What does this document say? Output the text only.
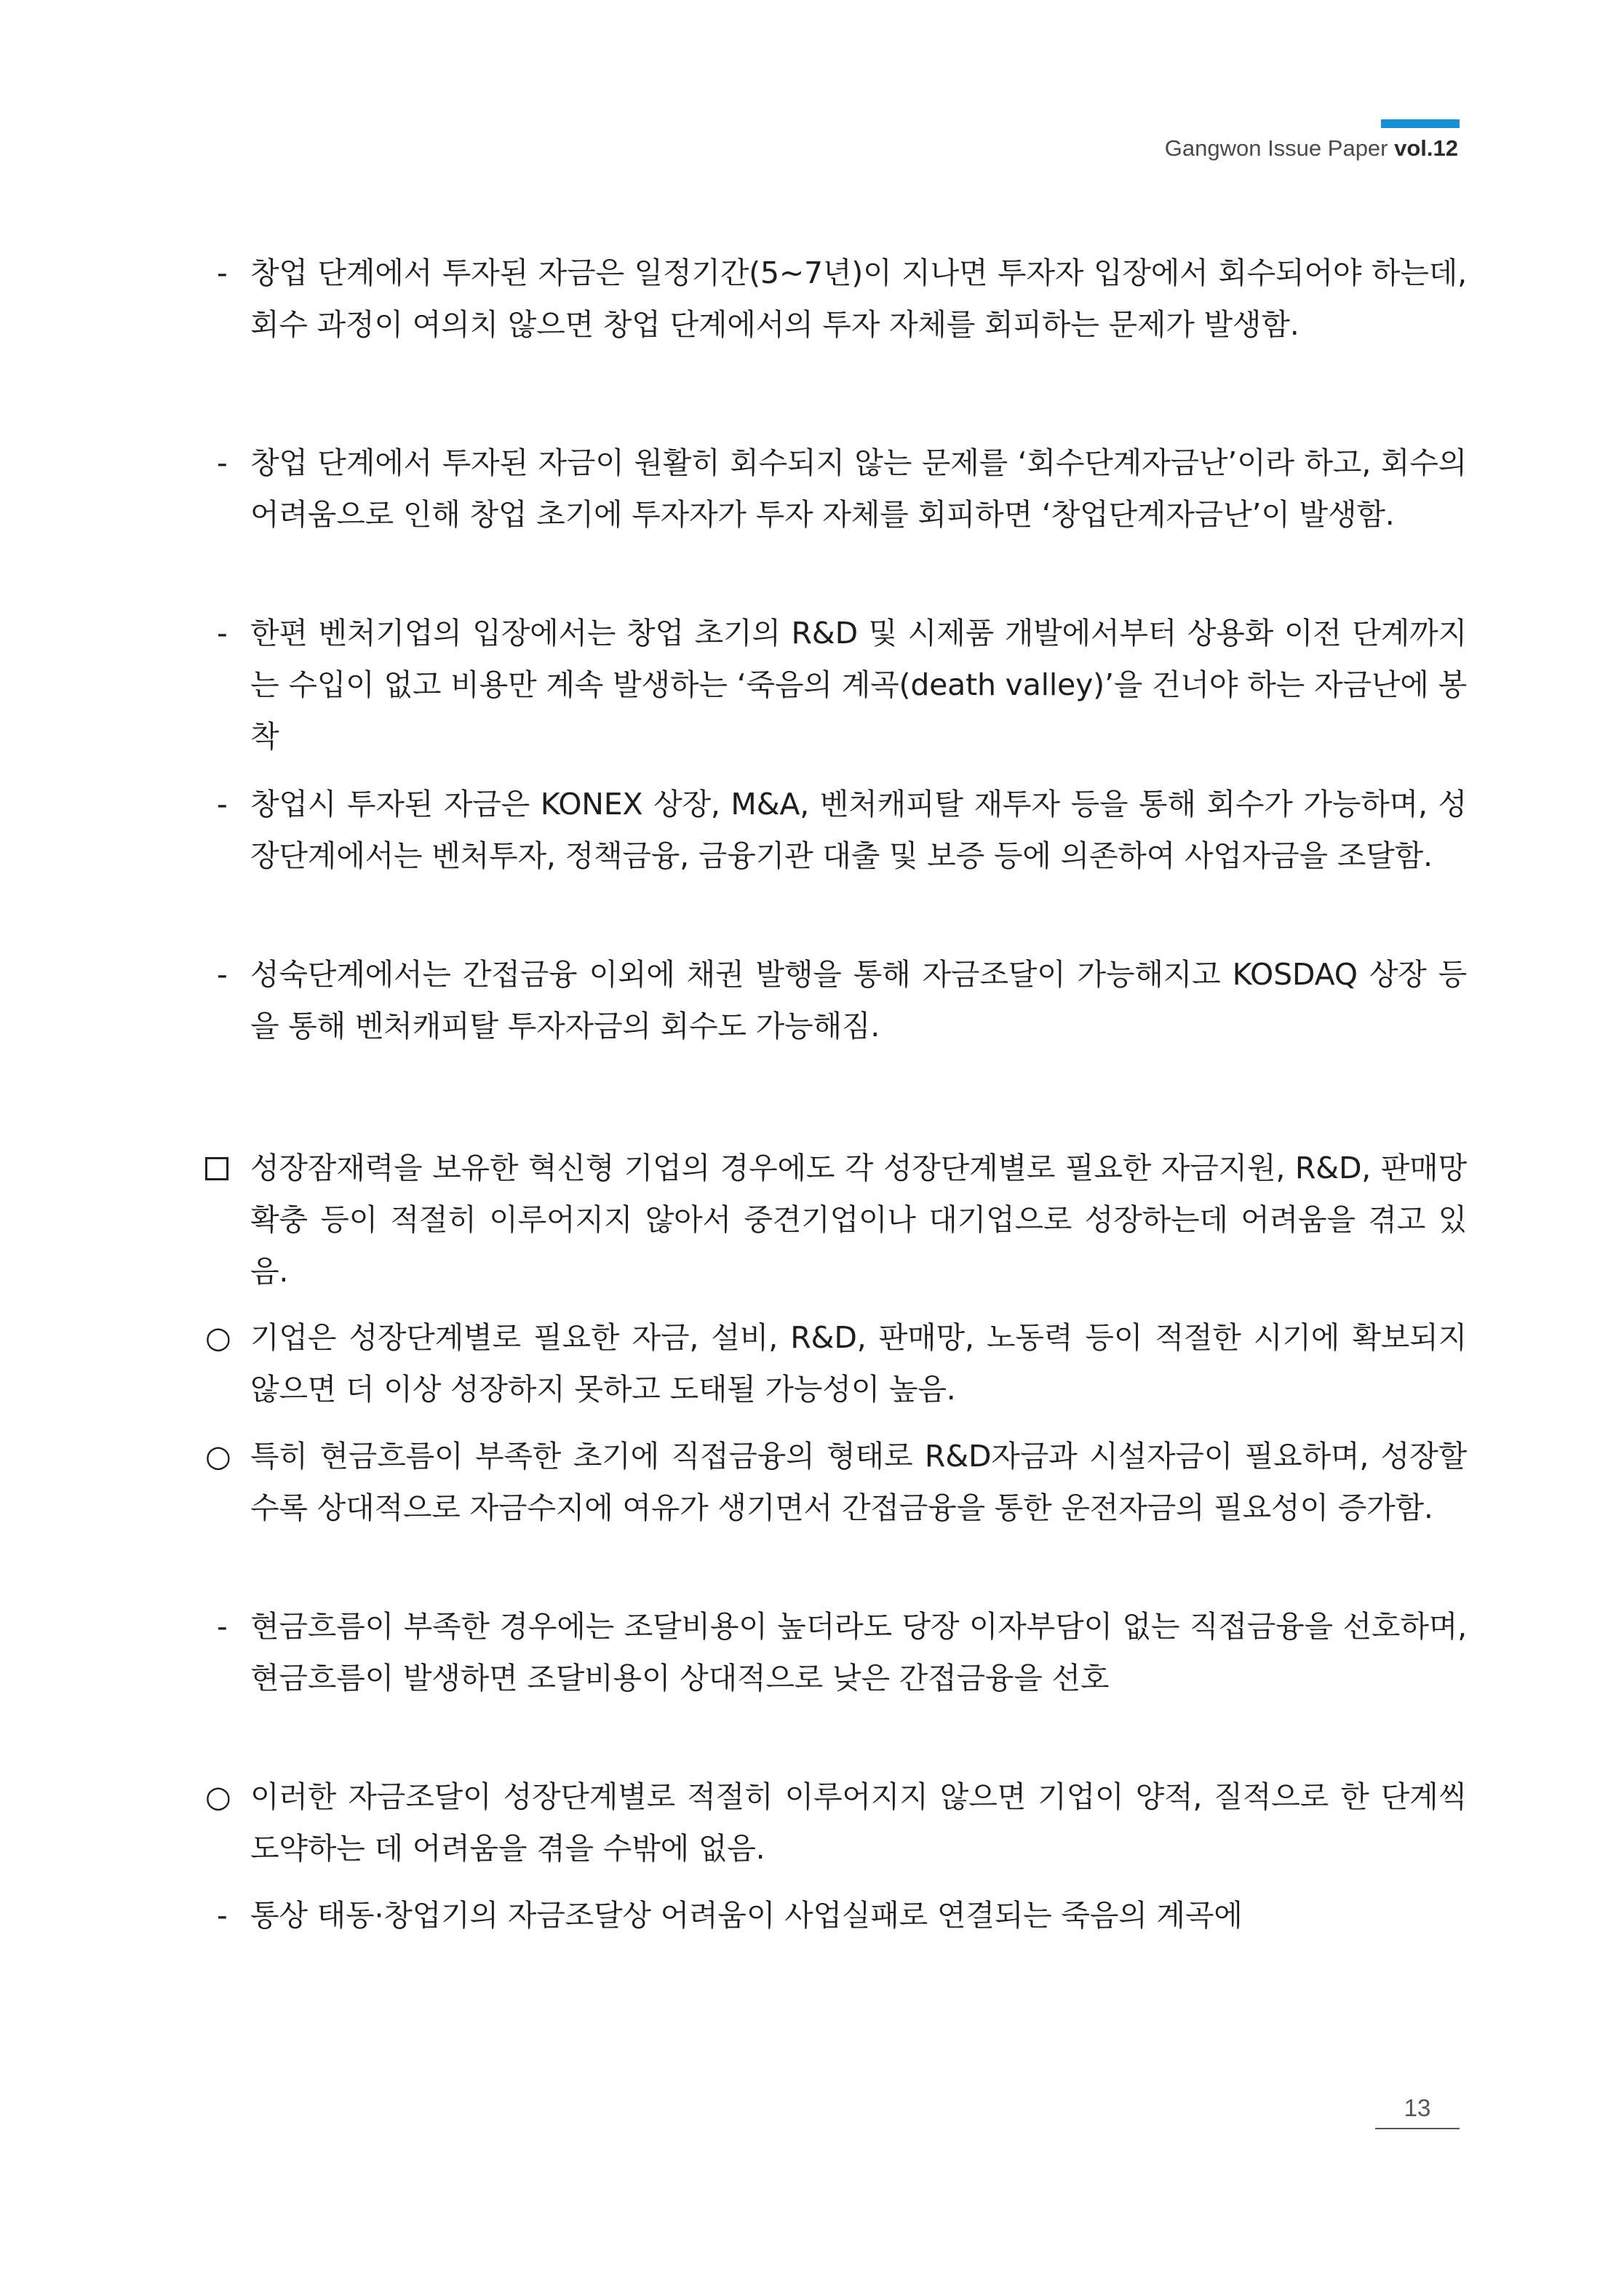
Gangwon Issue Paper vol.12
- 창업 단계에서 투자된 자금은 일정기간(5∼7년)이 지나면 투자자 입장에서 회수되어야 하는데, 회수 과정이 여의치 않으면 창업 단계에서의 투자 자체를 회피하는 문제가 발생함.
- 창업 단계에서 투자된 자금이 원활히 회수되지 않는 문제를 ‘회수단계자금난’이라 하고, 회수의 어려움으로 인해 창업 초기에 투자자가 투자 자체를 회피하면 ‘창업단계자금난’이 발생함.
- 한편 벤처기업의 입장에서는 창업 초기의 R&D 및 시제품 개발에서부터 상용화 이전 단계까지는 수입이 없고 비용만 계속 발생하는 ‘죽음의 계곡(death valley)’을 건너야 하는 자금난에 봉착
- 창업시 투자된 자금은 KONEX 상장, M&A, 벤처캐피탈 재투자 등을 통해 회수가 가능하며, 성장단계에서는 벤처투자, 정책금융, 금융기관 대출 및 보증 등에 의존하여 사업자금을 조달함.
- 성숙단계에서는 간접금융 이외에 채권 발행을 통해 자금조달이 가능해지고 KOSDAQ 상장 등을 통해 벤처캐피탈 투자자금의 회수도 가능해짐.
성장잠재력을 보유한 혁신형 기업의 경우에도 각 성장단계별로 필요한 자금지원, R&D, 판매망 확충 등이 적절히 이루어지지 않아서 중견기업이나 대기업으로 성장하는데 어려움을 겪고 있음.
○ 기업은 성장단계별로 필요한 자금, 설비, R&D, 판매망, 노동력 등이 적절한 시기에 확보되지 않으면 더 이상 성장하지 못하고 도태될 가능성이 높음.
○ 특히 현금흐름이 부족한 초기에 직접금융의 형태로 R&D자금과 시설자금이 필요하며, 성장할수록 상대적으로 자금수지에 여유가 생기면서 간접금융을 통한 운전자금의 필요성이 증가함.
- 현금흐름이 부족한 경우에는 조달비용이 높더라도 당장 이자부담이 없는 직접금융을 선호하며, 현금흐름이 발생하면 조달비용이 상대적으로 낮은 간접금융을 선호
○ 이러한 자금조달이 성장단계별로 적절히 이루어지지 않으면 기업이 양적, 질적으로 한 단계씩 도약하는 데 어려움을 겪을 수밖에 없음.
- 통상 태동·창업기의 자금조달상 어려움이 사업실패로 연결되는 죽음의 계곡에
13
